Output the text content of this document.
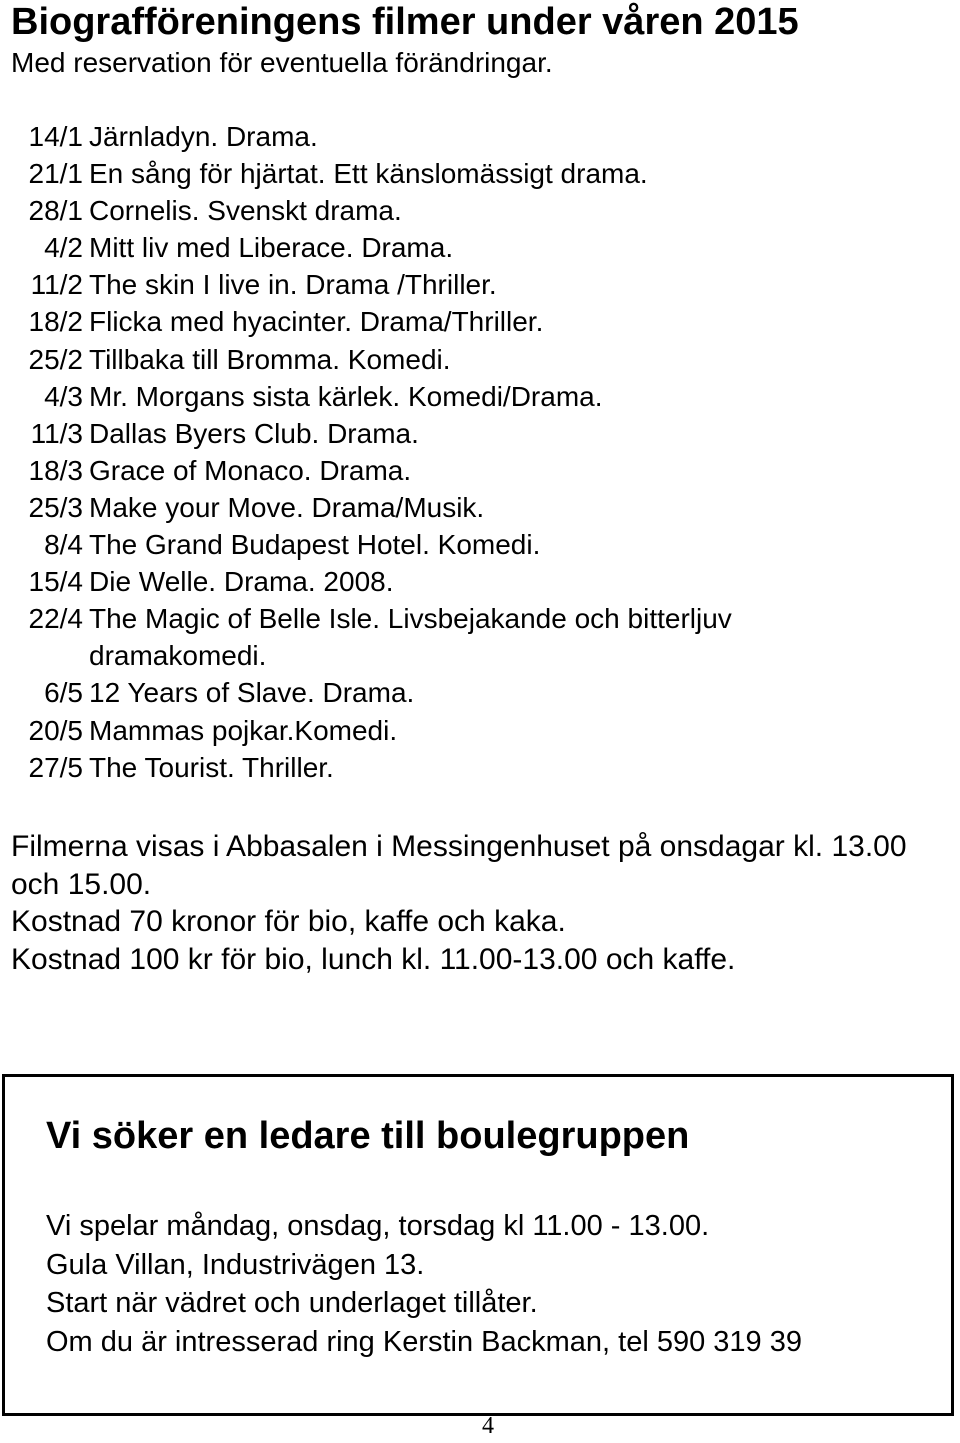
Biografföreningens filmer under våren 2015
Med reservation för eventuella förändringar.
14/1 Järnladyn. Drama.
21/1 En sång för hjärtat. Ett känslomässigt drama.
28/1 Cornelis. Svenskt drama.
4/2 Mitt liv med Liberace. Drama.
11/2 The skin I live in. Drama /Thriller.
18/2 Flicka med hyacinter. Drama/Thriller.
25/2 Tillbaka till Bromma. Komedi.
4/3 Mr. Morgans sista kärlek. Komedi/Drama.
11/3 Dallas Byers Club. Drama.
18/3 Grace of Monaco. Drama.
25/3 Make your Move. Drama/Musik.
8/4 The Grand Budapest Hotel. Komedi.
15/4 Die Welle. Drama. 2008.
22/4 The Magic of Belle Isle. Livsbejakande och bitterljuv dramakomedi.
6/5 12 Years of Slave. Drama.
20/5 Mammas pojkar.Komedi.
27/5 The Tourist. Thriller.

Filmerna visas i Abbasalen i Messingenhuset på onsdagar kl. 13.00 och 15.00.

Kostnad 70 kronor för bio, kaffe och kaka.

Kostnad 100 kr för bio, lunch kl. 11.00-13.00 och kaffe.

Vi söker en ledare till boulegruppen

Vi spelar måndag, onsdag, torsdag kl 11.00 - 13.00.

Gula Villan, Industrivägen 13.

Start när vädret och underlaget tillåter.

Om du är intresserad ring Kerstin Backman, tel 590 319 39

4
